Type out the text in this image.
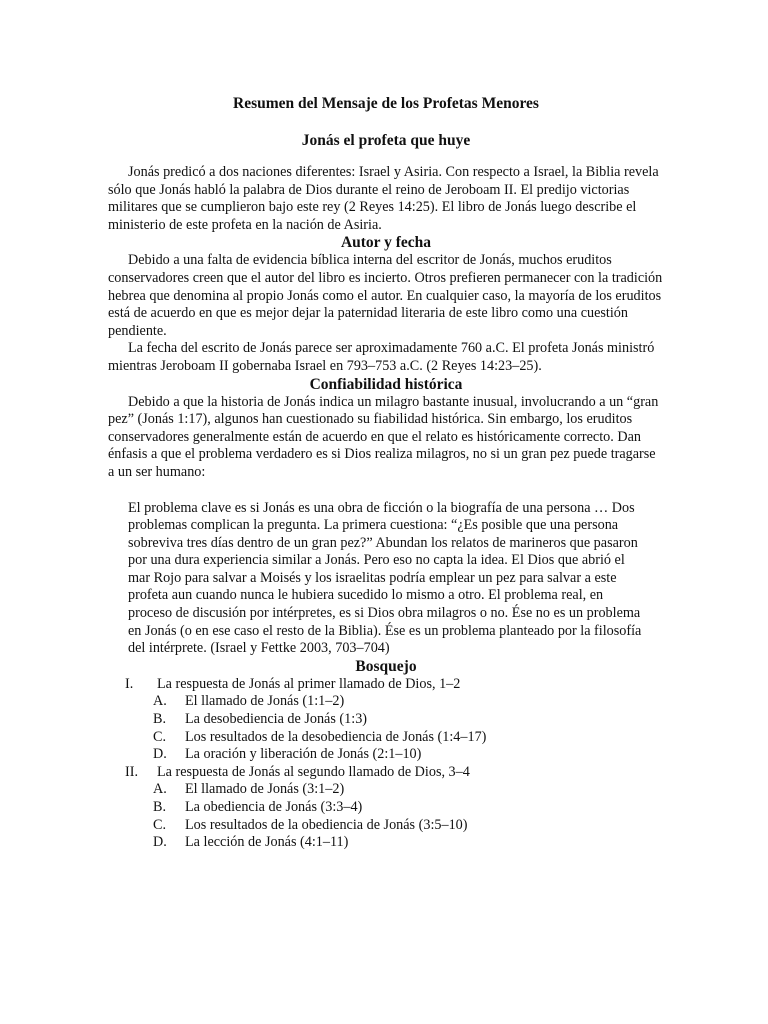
Resumen del Mensaje de los Profetas Menores
Jonás el profeta que huye

Jonás predicó a dos naciones diferentes: Israel y Asiria. Con respecto a Israel, la Biblia revela sólo que Jonás habló la palabra de Dios durante el reino de Jeroboam II. El predijo victorias militares que se cumplieron bajo este rey (2 Reyes 14:25). El libro de Jonás luego describe el ministerio de este profeta en la nación de Asiria.

Autor y fecha

Debido a una falta de evidencia bíblica interna del escritor de Jonás, muchos eruditos conservadores creen que el autor del libro es incierto. Otros prefieren permanecer con la tradición hebrea que denomina al propio Jonás como el autor. En cualquier caso, la mayoría de los eruditos está de acuerdo en que es mejor dejar la paternidad literaria de este libro como una cuestión pendiente.

La fecha del escrito de Jonás parece ser aproximadamente 760 a.C. El profeta Jonás ministró mientras Jeroboam II gobernaba Israel en 793–753 a.C. (2 Reyes 14:23–25).

Confiabilidad histórica

Debido a que la historia de Jonás indica un milagro bastante inusual, involucrando a un “gran pez” (Jonás 1:17), algunos han cuestionado su fiabilidad histórica. Sin embargo, los eruditos conservadores generalmente están de acuerdo en que el relato es históricamente correcto. Dan énfasis a que el problema verdadero es si Dios realiza milagros, no si un gran pez puede tragarse a un ser humano:

El problema clave es si Jonás es una obra de ficción o la biografía de una persona … Dos problemas complican la pregunta. La primera cuestiona: “¿Es posible que una persona sobreviva tres días dentro de un gran pez?” Abundan los relatos de marineros que pasaron por una dura experiencia similar a Jonás. Pero eso no capta la idea. El Dios que abrió el mar Rojo para salvar a Moisés y los israelitas podría emplear un pez para salvar a este profeta aun cuando nunca le hubiera sucedido lo mismo a otro. El problema real, en proceso de discusión por intérpretes, es si Dios obra milagros o no. Ése no es un problema en Jonás (o en ese caso el resto de la Biblia). Ése es un problema planteado por la filosofía del intérprete. (Israel y Fettke 2003, 703–704)

Bosquejo
I.	La respuesta de Jonás al primer llamado de Dios, 1–2
A.	El llamado de Jonás (1:1–2)
B.	La desobediencia de Jonás (1:3)
C.	Los resultados de la desobediencia de Jonás (1:4–17)
D.	La oración y liberación de Jonás (2:1–10)
II.	La respuesta de Jonás al segundo llamado de Dios, 3–4
A.	El llamado de Jonás (3:1–2)
B.	La obediencia de Jonás (3:3–4)
C.	Los resultados de la obediencia de Jonás (3:5–10)
D.	La lección de Jonás (4:1–11)
